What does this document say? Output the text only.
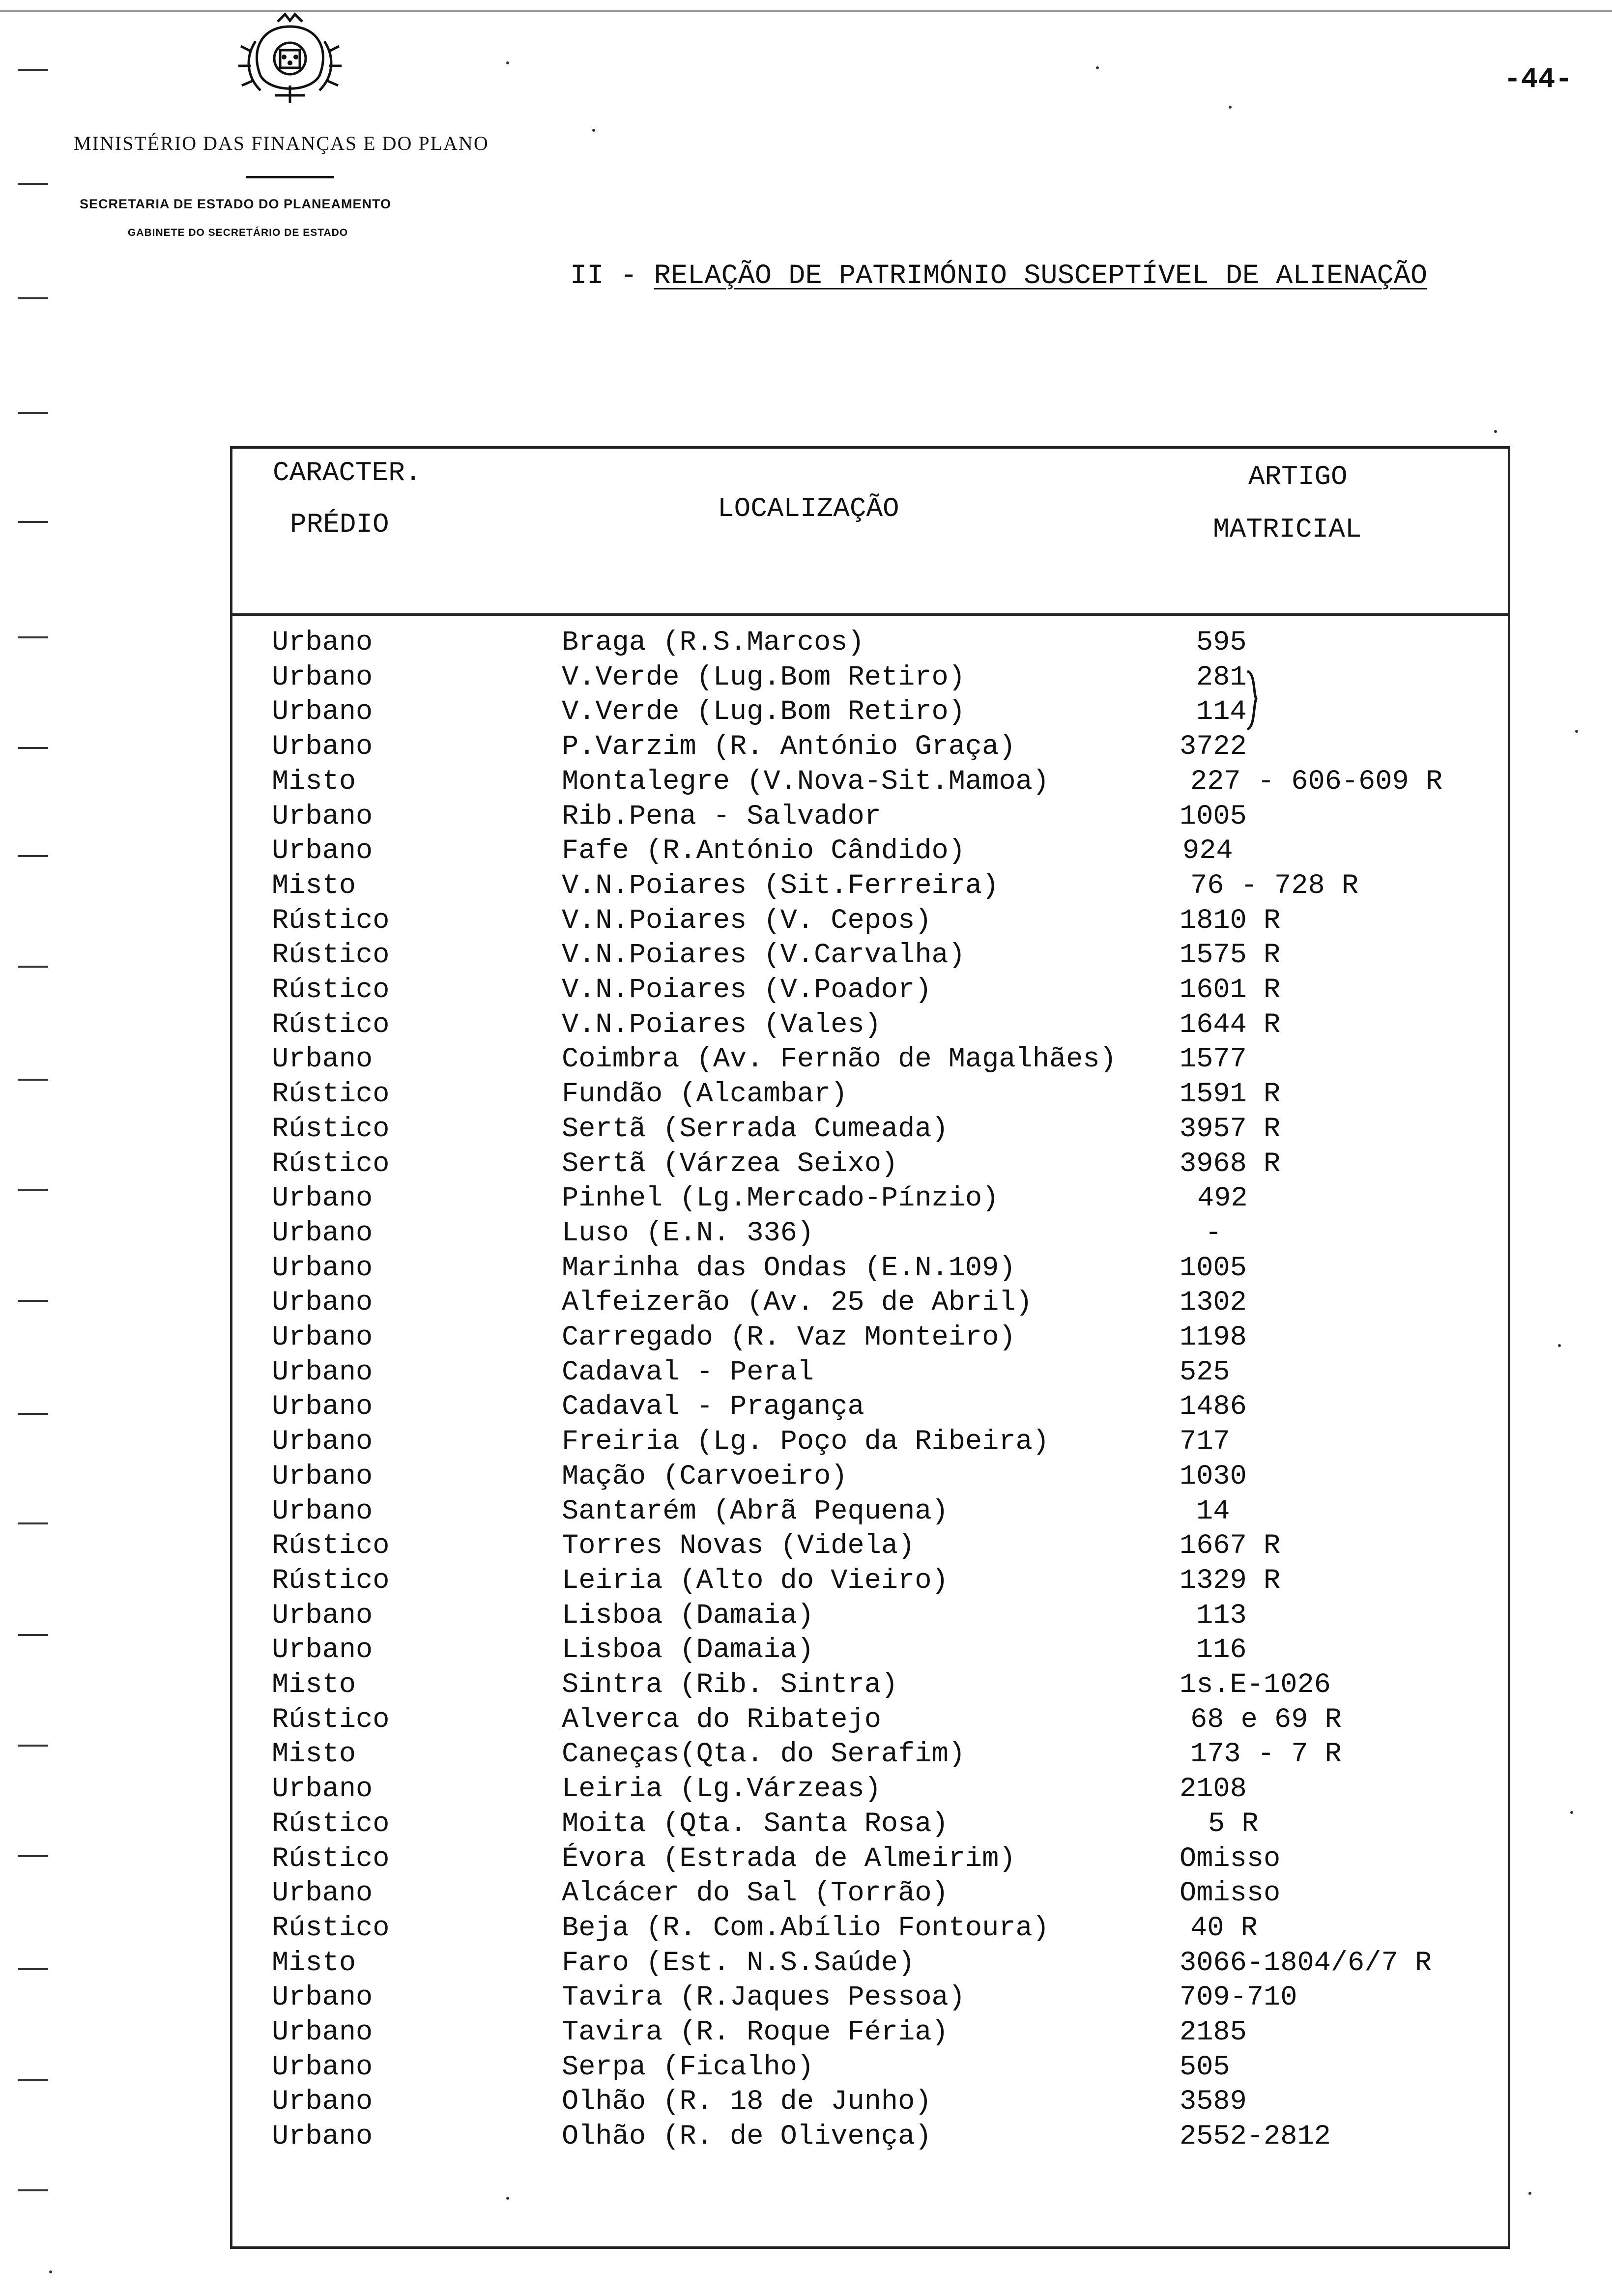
MINISTÉRIO DAS FINANÇAS E DO PLANO
SECRETARIA DE ESTADO DO PLANEAMENTO
GABINETE DO SECRETÁRIO DE ESTADO
-44-
II - RELAÇÃO DE PATRIMÓNIO SUSCEPTÍVEL DE ALIENAÇÃO
CARACTER.
PRÉDIO	LOCALIZAÇÃO
ARTIGO
MATRICIAL
Urbano	Braga (R.S.Marcos)	595
Urbano	V.Verde (Lug.Bom Retiro)	281
Urbano	V.Verde (Lug.Bom Retiro)	114
Urbano	P.Varzim (R. António Graça)	3722
Misto	Montalegre (V.Nova-Sit.Mamoa)	227 - 606-609 R
Urbano	Rib.Pena - Salvador	1005
Urbano	Fafe (R.António Cândido)	924
Misto	V.N.Poiares (Sit.Ferreira)	76 - 728 R
Rústico	V.N.Poiares (V. Cepos)	1810 R
Rústico	V.N.Poiares (V.Carvalha)	1575 R
Rústico	V.N.Poiares (V.Poador)	1601 R
Rústico	V.N.Poiares (Vales)	1644 R
Urbano	Coimbra (Av. Fernão de Magalhães) 1577
Rústico	Fundão (Alcambar)	1591 R
Rústico	Sertã (Serrada Cumeada)	3957 R
Rústico	Sertã (Várzea Seixo)	3968 R
Urbano	Pinhel (Lg.Mercado-Pínzio)	492
Urbano	Luso (E.N. 336)	-
Urbano	Marinha das Ondas (E.N.109)	1005
Urbano	Alfeizerão (Av. 25 de Abril)	1302
Urbano	Carregado (R. Vaz Monteiro)	1198
Urbano	Cadaval - Peral	525
Urbano	Cadaval - Pragança	1486
Urbano	Freiria (Lg. Poço da Ribeira)	717
Urbano	Mação (Carvoeiro)	1030
Urbano	Santarém (Abrã Pequena)	14
Rústico	Torres Novas (Videla)	1667 R
Rústico	Leiria (Alto do Vieiro)	1329 R
Urbano	Lisboa (Damaia)	113
Urbano	Lisboa (Damaia)	116
Misto	Sintra (Rib. Sintra)	1s.E-1026
Rústico	Alverca do Ribatejo	68 e 69 R
Misto	Caneças(Qta. do Serafim)	173 - 7 R
Urbano	Leiria (Lg.Várzeas)	2108
Rústico	Moita (Qta. Santa Rosa)	5 R
Rústico	Évora (Estrada de Almeirim)	Omisso
Urbano	Alcácer do Sal (Torrão)	Omisso
Rústico	Beja (R. Com.Abílio Fontoura)	40 R
Misto	Faro (Est. N.S.Saúde)	3066-1804/6/7 R
Urbano	Tavira (R.Jaques Pessoa)	709-710
Urbano	Tavira (R. Roque Féria)	2185
Urbano	Serpa (Ficalho)	505
Urbano	Olhão (R. 18 de Junho)	3589
Urbano	Olhão (R. de Olivença)	2552-2812
